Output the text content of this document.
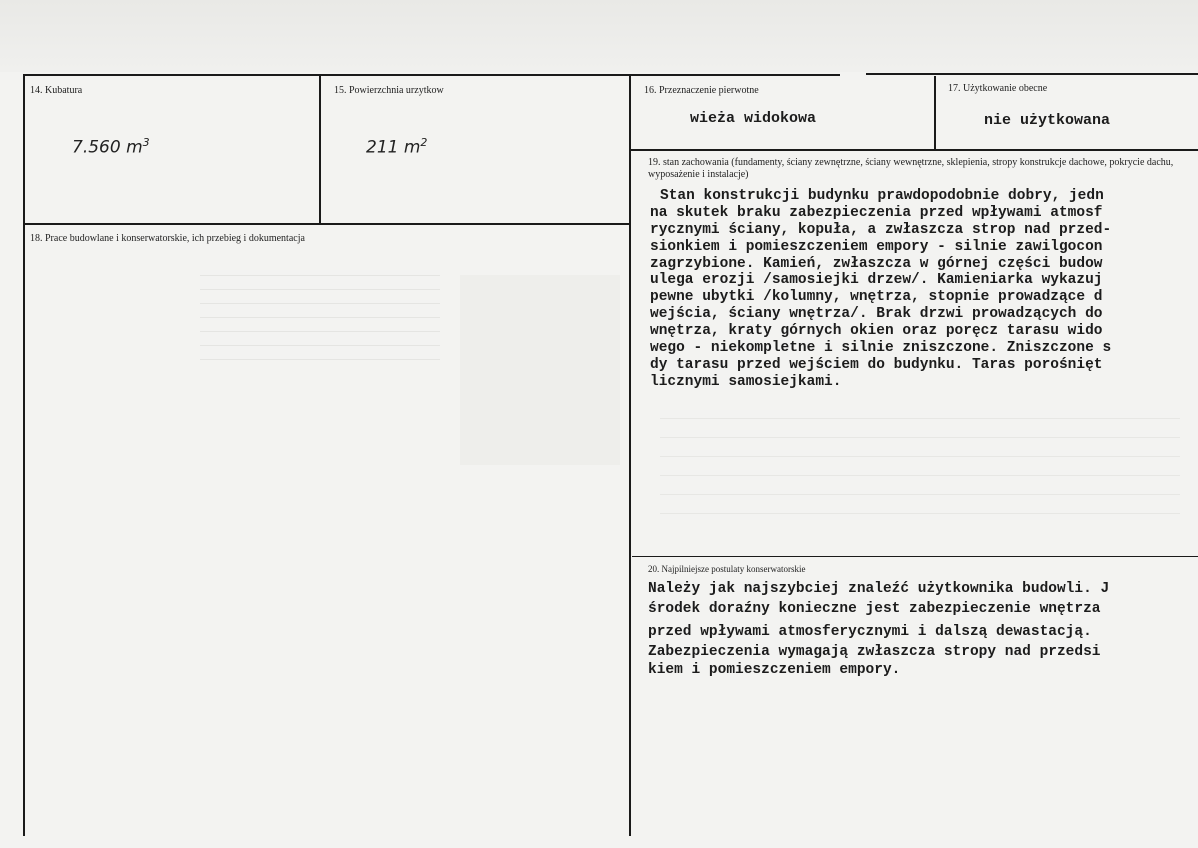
14. Kubatura
7.560 $m^3$
15. Powierzchnia urzytkow
211 $m^2$
16. Przeznaczenie pierwotne
wieża widokowa
17. Użytkowanie obecne
nie użytkowana
18. Prace budowlane i konserwatorskie, ich przebieg i dokumentacja
19. stan zachowania (fundamenty, ściany zewnętrzne, ściany wewnętrzne, sklepienia, stropy konstrukcje dachowe, pokrycie dachu, wyposażenie i instalacje)
Stan konstrukcji budynku prawdopodobnie dobry, jedn
na skutek braku zabezpieczenia przed wpływami atmosf
rycznymi ściany, kopuła, a zwłaszcza strop nad przed-
sionkiem i pomieszczeniem empory - silnie zawilgocon
zagrzybione. Kamień, zwłaszcza w górnej części budow
ulega erozji /samosiejki drzew/. Kamieniarka wykazuj
pewne ubytki /kolumny, wnętrza, stopnie prowadzące d
wejścia, ściany wnętrza/. Brak drzwi prowadzących do
wnętrza, kraty górnych okien oraz poręcz tarasu wido
wego - niekompletne i silnie zniszczone. Zniszczone s
dy tarasu przed wejściem do budynku. Taras porośnięt
licznymi samosiejkami.
20. Najpilniejsze postulaty konserwatorskie
Należy jak najszybciej znaleźć użytkownika budowli. J
środek doraźny konieczne jest zabezpieczenie wnętrza
przed wpływami atmosferycznymi i dalszą dewastacją.
Zabezpieczenia wymagają zwłaszcza stropy nad przedsi
kiem i pomieszczeniem empory.
